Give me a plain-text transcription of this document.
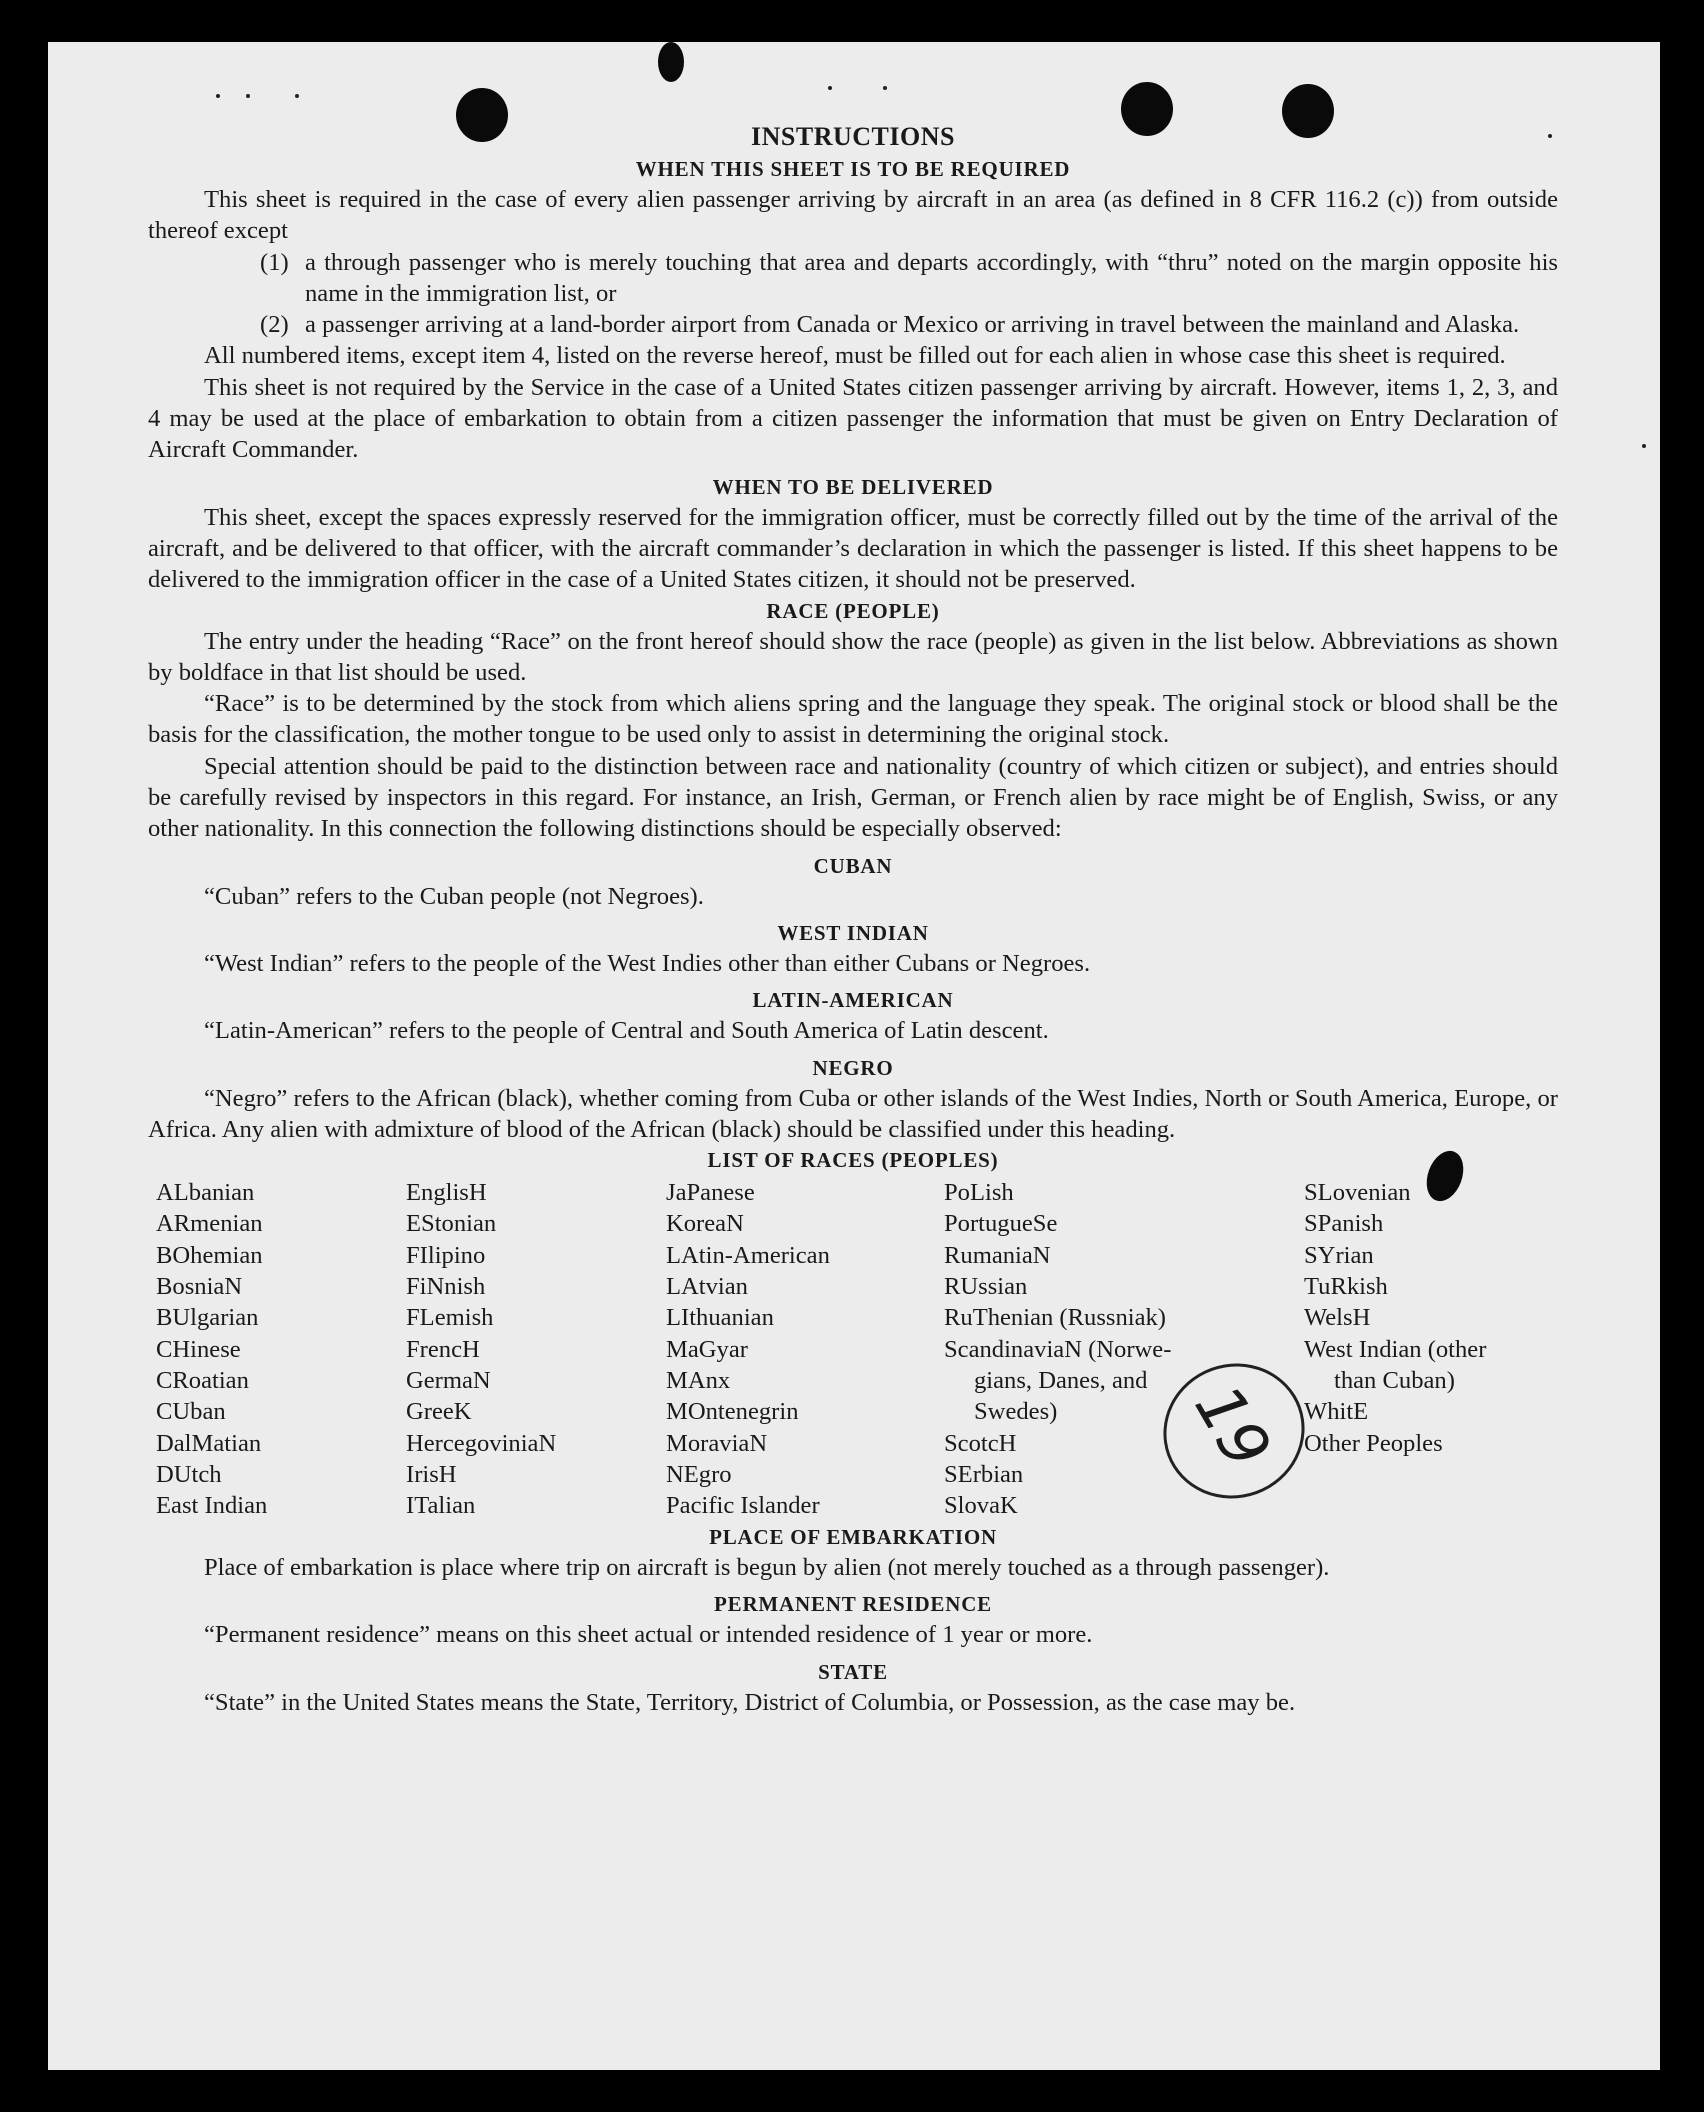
INSTRUCTIONS
WHEN THIS SHEET IS TO BE REQUIRED

This sheet is required in the case of every alien passenger arriving by aircraft in an area (as defined in 8 CFR 116.2 (c)) from outside thereof except

(1) a through passenger who is merely touching that area and departs accordingly, with “thru” noted on the margin opposite his name in the immigration list, or
(2) a passenger arriving at a land-border airport from Canada or Mexico or arriving in travel between the mainland and Alaska.

All numbered items, except item 4, listed on the reverse hereof, must be filled out for each alien in whose case this sheet is required.

This sheet is not required by the Service in the case of a United States citizen passenger arriving by aircraft. However, items 1, 2, 3, and 4 may be used at the place of embarkation to obtain from a citizen passenger the information that must be given on Entry Declaration of Aircraft Commander.

WHEN TO BE DELIVERED

This sheet, except the spaces expressly reserved for the immigration officer, must be correctly filled out by the time of the arrival of the aircraft, and be delivered to that officer, with the aircraft commander’s declaration in which the passenger is listed. If this sheet happens to be delivered to the immigration officer in the case of a United States citizen, it should not be preserved.

RACE (PEOPLE)

The entry under the heading “Race” on the front hereof should show the race (people) as given in the list below. Abbreviations as shown by boldface in that list should be used.

“Race” is to be determined by the stock from which aliens spring and the language they speak. The original stock or blood shall be the basis for the classification, the mother tongue to be used only to assist in determining the original stock.

Special attention should be paid to the distinction between race and nationality (country of which citizen or subject), and entries should be carefully revised by inspectors in this regard. For instance, an Irish, German, or French alien by race might be of English, Swiss, or any other nationality. In this connection the following distinctions should be especially observed:

CUBAN

“Cuban” refers to the Cuban people (not Negroes).

WEST INDIAN

“West Indian” refers to the people of the West Indies other than either Cubans or Negroes.

LATIN-AMERICAN

“Latin-American” refers to the people of Central and South America of Latin descent.

NEGRO

“Negro” refers to the African (black), whether coming from Cuba or other islands of the West Indies, North or South America, Europe, or Africa. Any alien with admixture of blood of the African (black) should be classified under this heading.

LIST OF RACES (PEOPLES)
ALbanian
ARmenian
BOhemian
BosniaN
BUlgarian
CHinese
CRoatian
CUban
DalMatian
DUtch
East Indian
EnglisH
EStonian
FIlipino
FiNnish
FLemish
FrencH
GermaN
GreeK
HercegoviniaN
IrisH
ITalian
JaPanese
KoreaN
LAtin-American
LAtvian
LIthuanian
MaGyar
MAnx
MOntenegrin
MoraviaN
NEgro
Pacific Islander
PoLish
PortugueSe
RumaniaN
RUssian
RuThenian (Russniak)
ScandinaviaN (Norwe-
gians, Danes, and
Swedes)
ScotcH
SErbian
SlovaK
SLovenian
SPanish
SYrian
TuRkish
WelsH
West Indian (other
than Cuban)
WhitE
Other Peoples
PLACE OF EMBARKATION

Place of embarkation is place where trip on aircraft is begun by alien (not merely touched as a through passenger).

PERMANENT RESIDENCE

“Permanent residence” means on this sheet actual or intended residence of 1 year or more.

STATE

“State” in the United States means the State, Territory, District of Columbia, or Possession, as the case may be.

19
